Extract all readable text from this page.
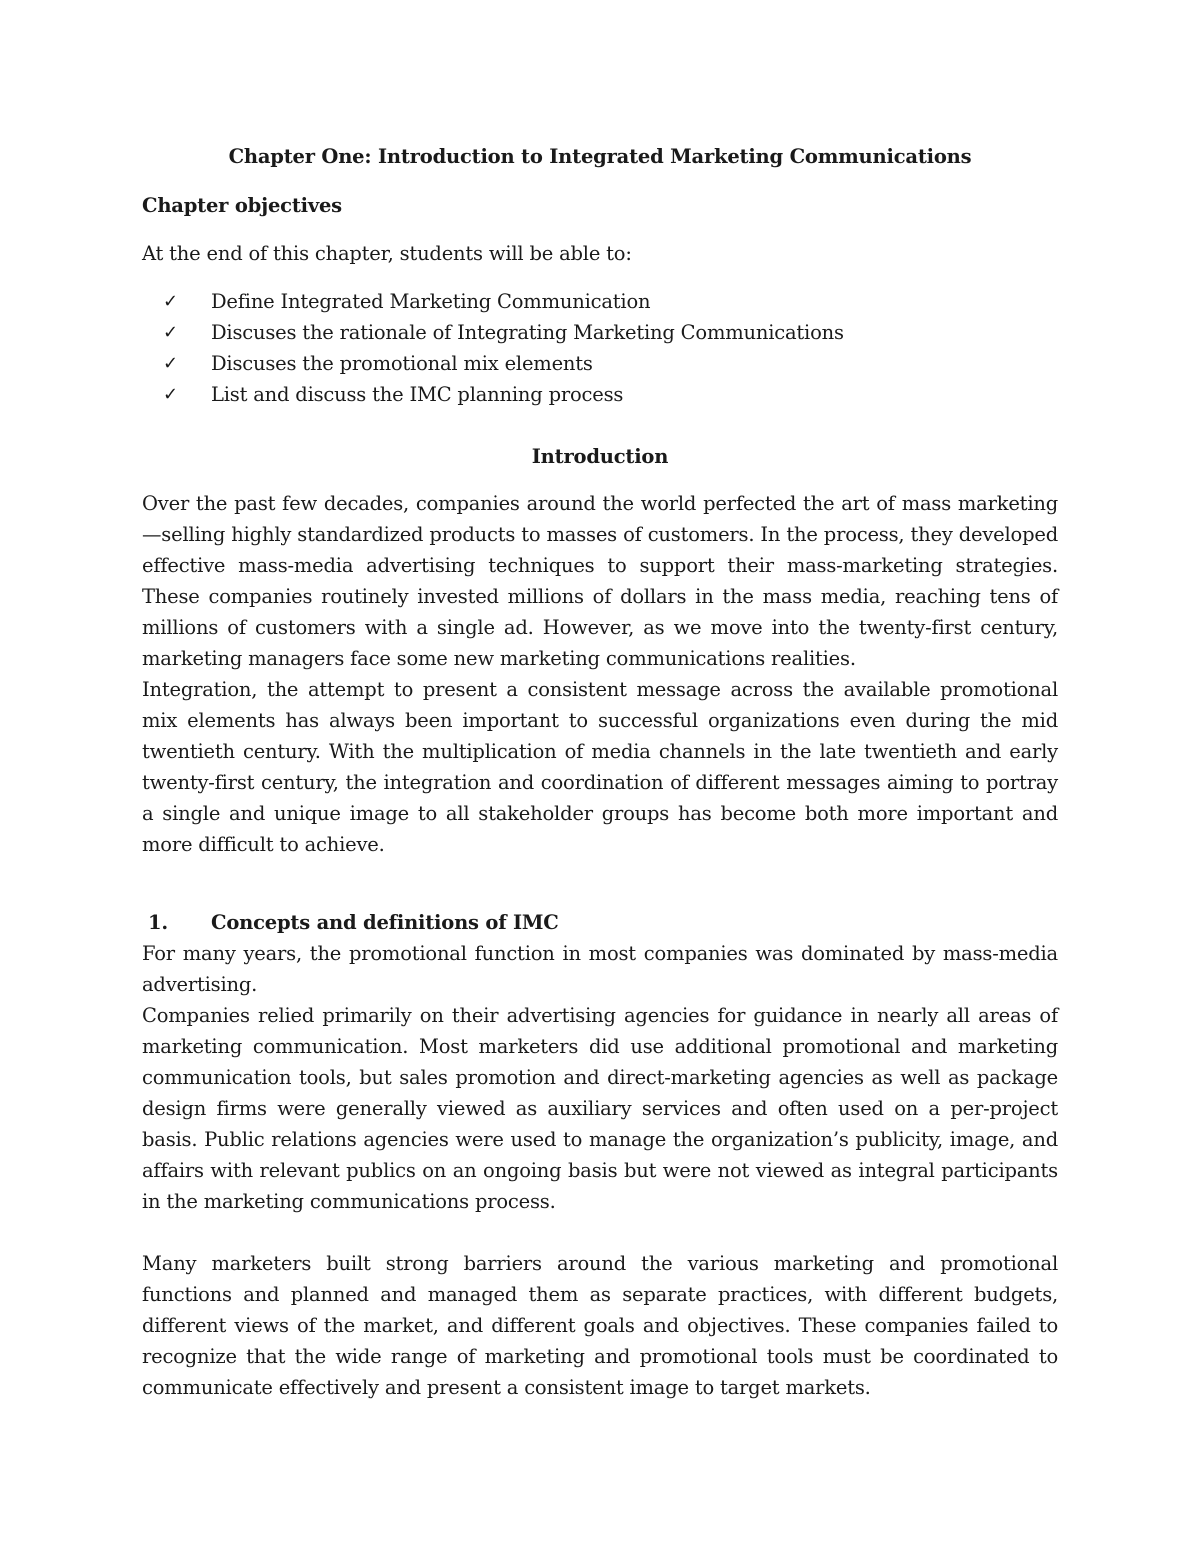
Chapter One: Introduction to Integrated Marketing Communications
Chapter objectives
At the end of this chapter, students will be able to:
✓ Define Integrated Marketing Communication
✓ Discuses the rationale of Integrating Marketing Communications
✓ Discuses the promotional mix elements
✓ List and discuss the IMC planning process
Introduction

Over the past few decades, companies around the world perfected the art of mass marketing—selling highly standardized products to masses of customers. In the process, they developed effective mass-media advertising techniques to support their mass-marketing strategies. These companies routinely invested millions of dollars in the mass media, reaching tens of millions of customers with a single ad. However, as we move into the twenty-first century, marketing managers face some new marketing communications realities.

Integration, the attempt to present a consistent message across the available promotional mix elements has always been important to successful organizations even during the mid twentieth century. With the multiplication of media channels in the late twentieth and early twenty-first century, the integration and coordination of different messages aiming to portray a single and unique image to all stakeholder groups has become both more important and more difficult to achieve.

1. Concepts and definitions of IMC

For many years, the promotional function in most companies was dominated by mass-media advertising.

Companies relied primarily on their advertising agencies for guidance in nearly all areas of marketing communication. Most marketers did use additional promotional and marketing communication tools, but sales promotion and direct-marketing agencies as well as package design firms were generally viewed as auxiliary services and often used on a per-project basis. Public relations agencies were used to manage the organization’s publicity, image, and affairs with relevant publics on an ongoing basis but were not viewed as integral participants in the marketing communications process.

Many marketers built strong barriers around the various marketing and promotional functions and planned and managed them as separate practices, with different budgets, different views of the market, and different goals and objectives. These companies failed to recognize that the wide range of marketing and promotional tools must be coordinated to communicate effectively and present a consistent image to target markets.
